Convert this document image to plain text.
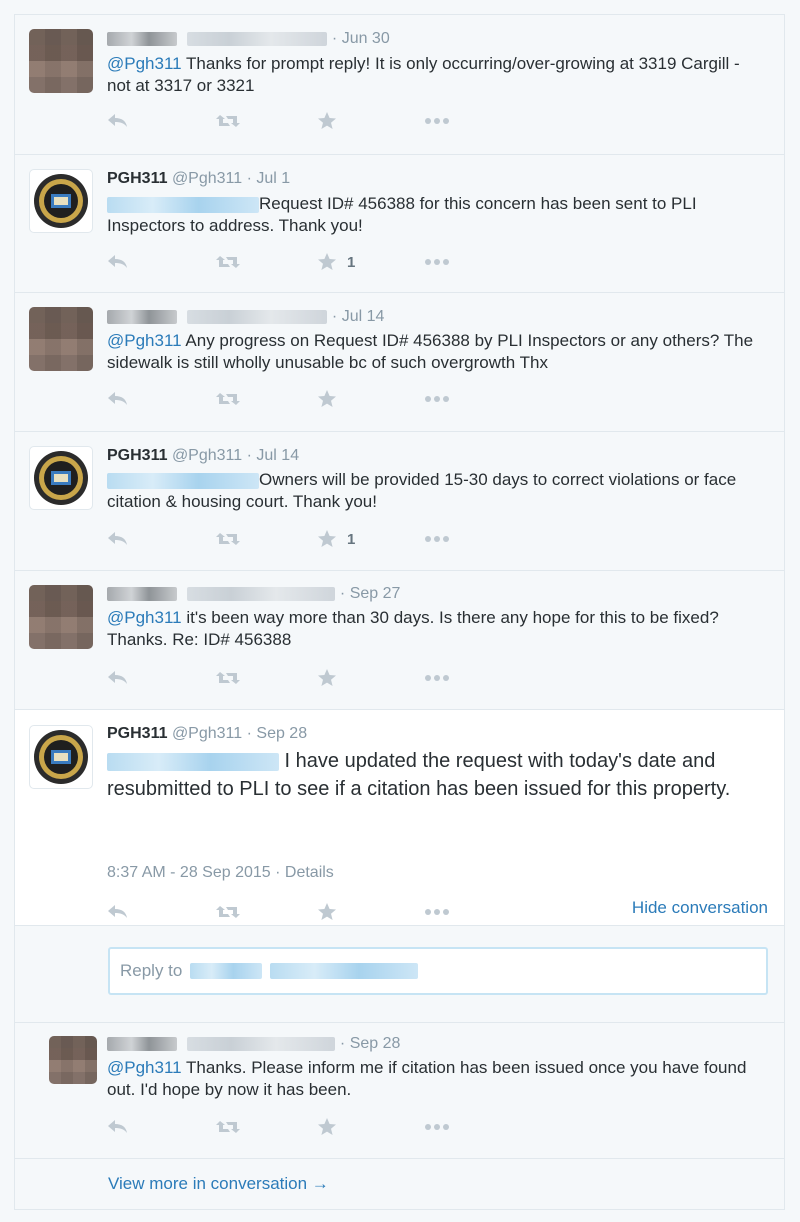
· Jun 30
@Pgh311 Thanks for prompt reply! It is only occurring/over-growing at 3319 Cargill - not at 3317 or 3321
PGH311 @Pgh311 · Jul 1
Request ID# 456388 for this concern has been sent to PLI Inspectors to address. Thank you!
1
· Jul 14
@Pgh311 Any progress on Request ID# 456388 by PLI Inspectors or any others? The sidewalk is still wholly unusable bc of such overgrowth Thx
PGH311 @Pgh311 · Jul 14
Owners will be provided 15-30 days to correct violations or face citation & housing court. Thank you!
1
· Sep 27
@Pgh311 it's been way more than 30 days. Is there any hope for this to be fixed? Thanks. Re: ID# 456388
PGH311 @Pgh311 · Sep 28
I have updated the request with today's date and resubmitted to PLI to see if a citation has been issued for this property.
8:37 AM - 28 Sep 2015 · Details
Hide conversation
Reply to
· Sep 28
@Pgh311 Thanks. Please inform me if citation has been issued once you have found out. I'd hope by now it has been.
View more in conversation →
